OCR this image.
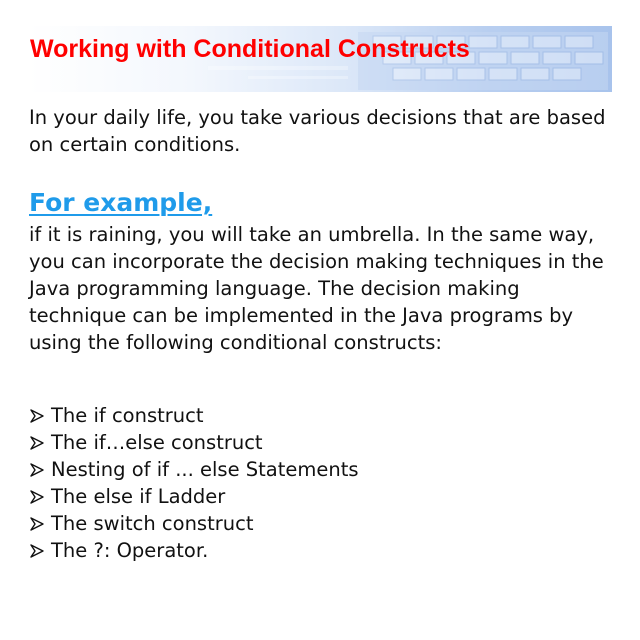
Working with Conditional Constructs

In your daily life, you take various decisions that are based on certain conditions.

For example,

if it is raining, you will take an umbrella. In the same way, you can incorporate the decision making techniques in the Java programming language. The decision making technique can be implemented in the Java programs by using the following conditional constructs:

The if construct
The if…else construct
Nesting of if ... else Statements
The else if Ladder
The switch construct
The ?: Operator.
